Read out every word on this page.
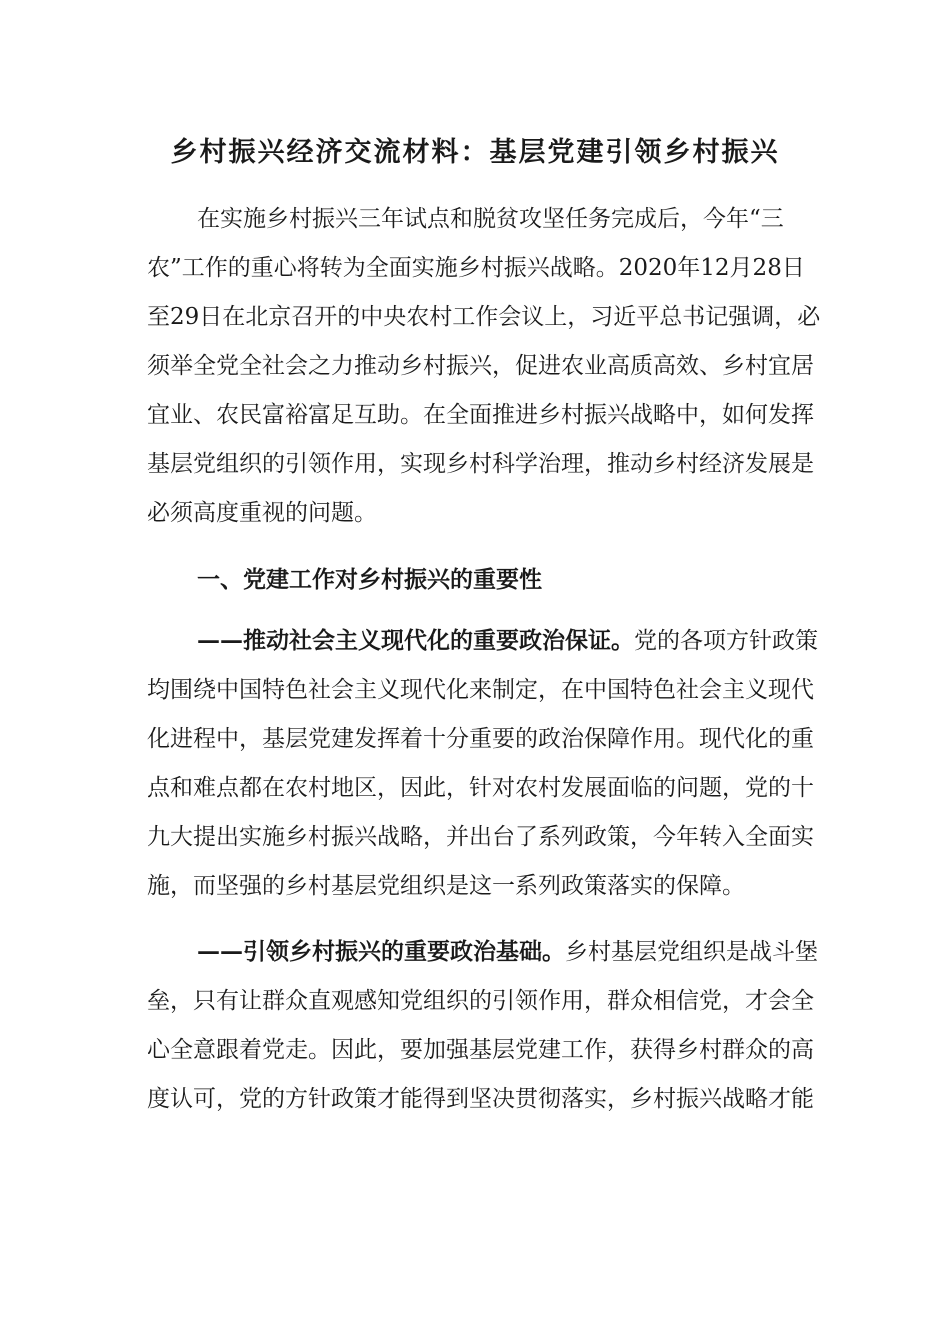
乡村振兴经济交流材料：基层党建引领乡村振兴

在实施乡村振兴三年试点和脱贫攻坚任务完成后，今年“三

农”工作的重心将转为全面实施乡村振兴战略。2020年12月28日

至29日在北京召开的中央农村工作会议上，习近平总书记强调，必

须举全党全社会之力推动乡村振兴，促进农业高质高效、乡村宜居

宜业、农民富裕富足互助。在全面推进乡村振兴战略中，如何发挥

基层党组织的引领作用，实现乡村科学治理，推动乡村经济发展是

必须高度重视的问题。

一、党建工作对乡村振兴的重要性

——推动社会主义现代化的重要政治保证。党的各项方针政策

均围绕中国特色社会主义现代化来制定，在中国特色社会主义现代

化进程中，基层党建发挥着十分重要的政治保障作用。现代化的重

点和难点都在农村地区，因此，针对农村发展面临的问题，党的十

九大提出实施乡村振兴战略，并出台了系列政策，今年转入全面实

施，而坚强的乡村基层党组织是这一系列政策落实的保障。

——引领乡村振兴的重要政治基础。乡村基层党组织是战斗堡

垒，只有让群众直观感知党组织的引领作用，群众相信党，才会全

心全意跟着党走。因此，要加强基层党建工作，获得乡村群众的高

度认可，党的方针政策才能得到坚决贯彻落实，乡村振兴战略才能
